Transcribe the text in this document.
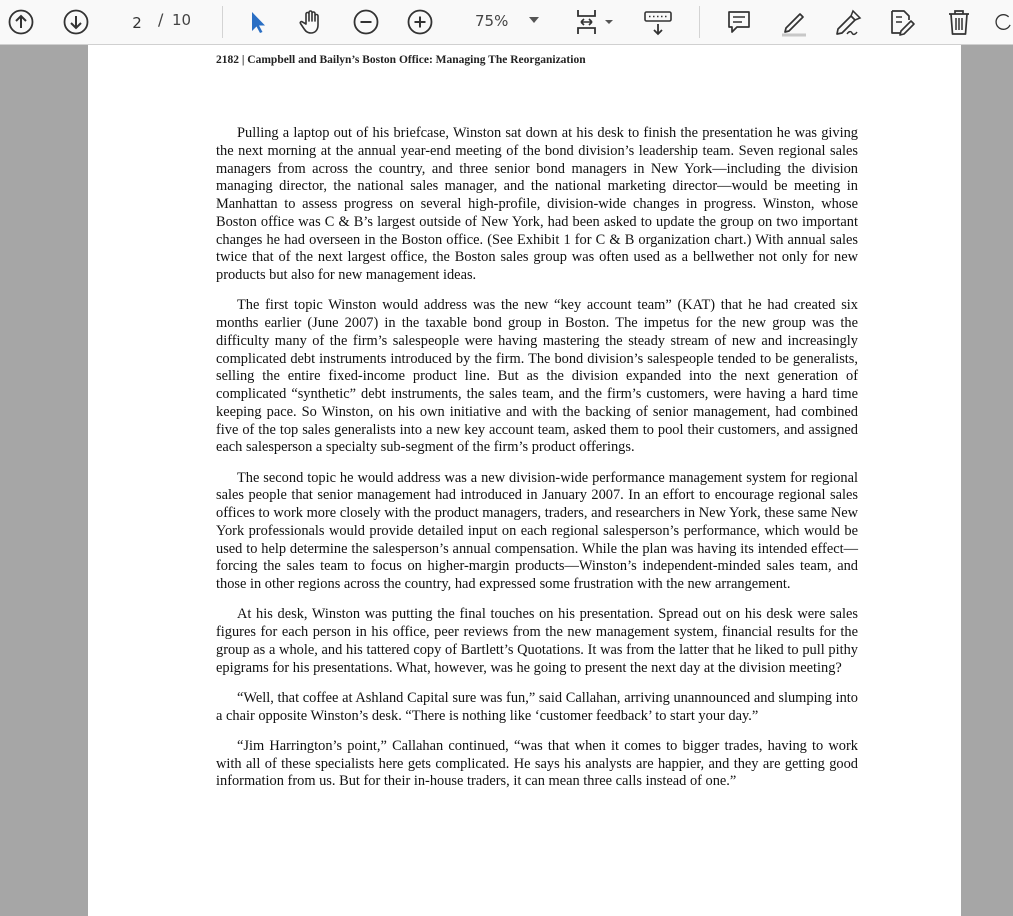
2
/ 10	75%
2182 | Campbell and Bailyn’s Boston Office: Managing The Reorganization

Pulling a laptop out of his briefcase, Winston sat down at his desk to finish the presentation he was giving the next morning at the annual year-end meeting of the bond division’s leadership team. Seven regional sales managers from across the country, and three senior bond managers in New York—including the division managing director, the national sales manager, and the national marketing director—would be meeting in Manhattan to assess progress on several high-profile, division-wide changes in progress. Winston, whose Boston office was C & B’s largest outside of New York, had been asked to update the group on two important changes he had overseen in the Boston office. (See Exhibit 1 for C & B organization chart.) With annual sales twice that of the next largest office, the Boston sales group was often used as a bellwether not only for new products but also for new management ideas.

The first topic Winston would address was the new “key account team” (KAT) that he had created six months earlier (June 2007) in the taxable bond group in Boston. The impetus for the new group was the difficulty many of the firm’s salespeople were having mastering the steady stream of new and increasingly complicated debt instruments introduced by the firm. The bond division’s salespeople tended to be generalists, selling the entire fixed-income product line. But as the division expanded into the next generation of complicated “synthetic” debt instruments, the sales team, and the firm’s customers, were having a hard time keeping pace. So Winston, on his own initiative and with the backing of senior management, had combined five of the top sales generalists into a new key account team, asked them to pool their customers, and assigned each salesperson a specialty sub-segment of the firm’s product offerings.

The second topic he would address was a new division-wide performance management system for regional sales people that senior management had introduced in January 2007. In an effort to encourage regional sales offices to work more closely with the product managers, traders, and researchers in New York, these same New York professionals would provide detailed input on each regional salesperson’s performance, which would be used to help determine the salesperson’s annual compensation. While the plan was having its intended effect—forcing the sales team to focus on higher-margin products—Winston’s independent-minded sales team, and those in other regions across the country, had expressed some frustration with the new arrangement.

At his desk, Winston was putting the final touches on his presentation. Spread out on his desk were sales figures for each person in his office, peer reviews from the new management system, financial results for the group as a whole, and his tattered copy of Bartlett’s Quotations. It was from the latter that he liked to pull pithy epigrams for his presentations. What, however, was he going to present the next day at the division meeting?

“Well, that coffee at Ashland Capital sure was fun,” said Callahan, arriving unannounced and slumping into a chair opposite Winston’s desk. “There is nothing like ‘customer feedback’ to start your day.”

“Jim Harrington’s point,” Callahan continued, “was that when it comes to bigger trades, having to work with all of these specialists here gets complicated. He says his analysts are happier, and they are getting good information from us. But for their in-house traders, it can mean three calls instead of one.”
